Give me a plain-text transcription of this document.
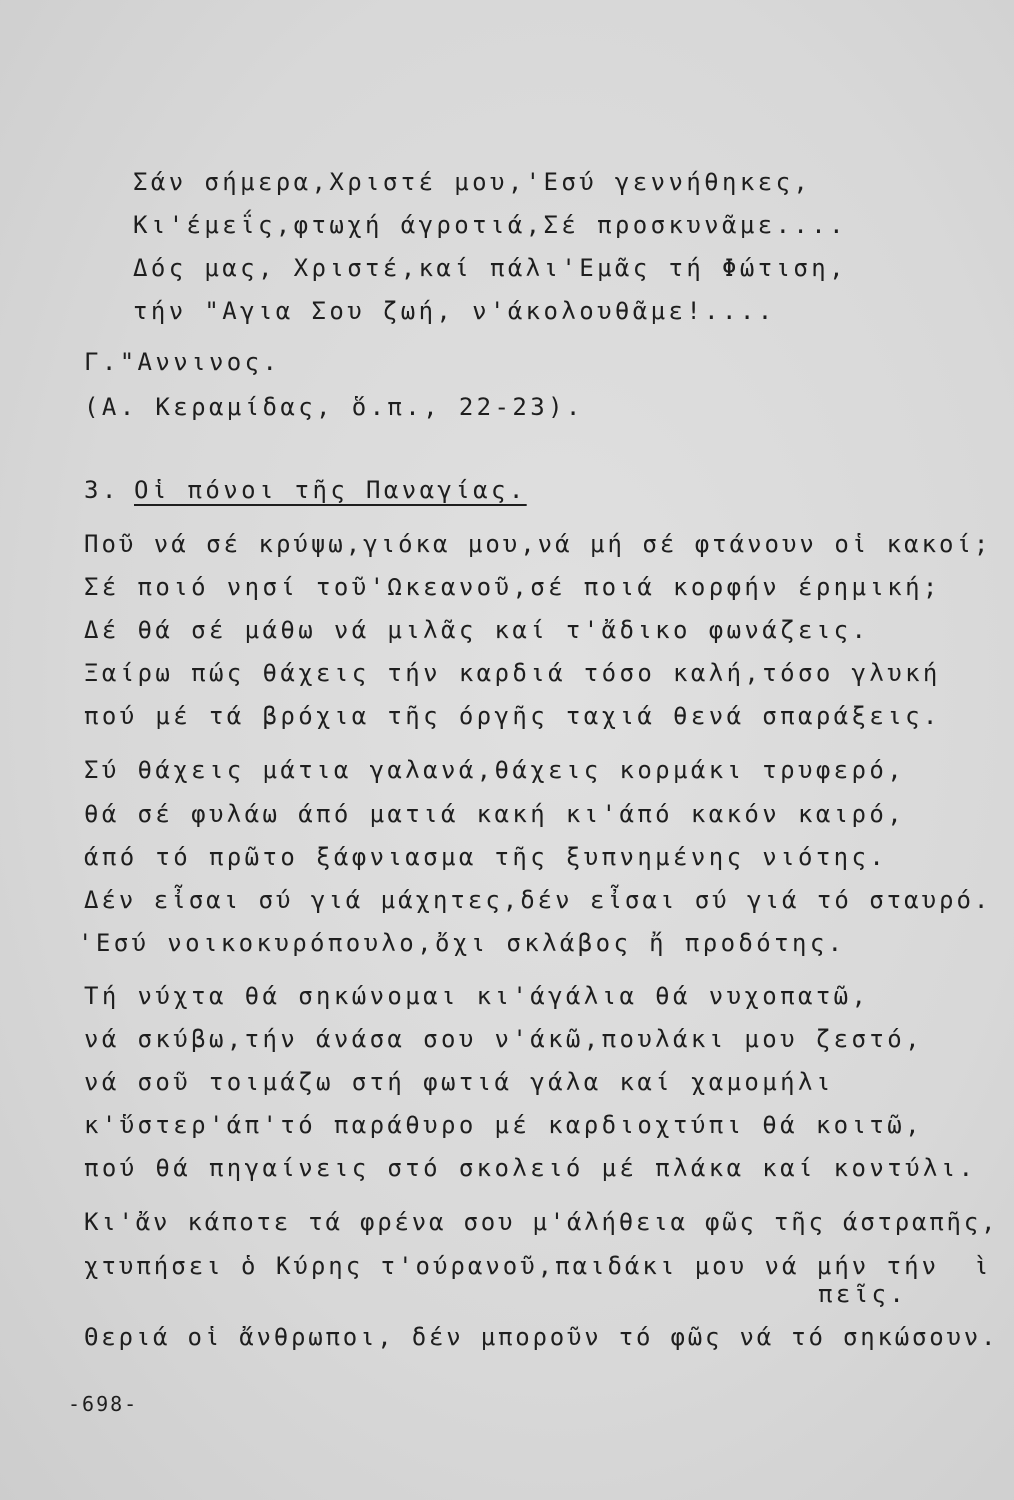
Σάν σήμερα,Χριστέ μου,'Εσύ γεννήθηκες,
Κι'έμεΐς,φτωχή άγροτιά,Σέ προσκυνᾶμε....
Δός μας, Χριστέ,καί πάλι'Εμᾶς τή Φώτιση,
τήν "Αγια Σου ζωή, ν'άκολουθᾶμε!....
Γ."Αννινος.
(Α. Κεραμίδας, ὅ.π., 22-23).
3. Οἱ πόνοι τῆς Παναγίας.
Ποῦ νά σέ κρύψω,γιόκα μου,νά μή σέ φτάνουν οἱ κακοί;
Σέ ποιό νησί τοῦ'Ωκεανοῦ,σέ ποιά κορφήν έρημική;
Δέ θά σέ μάθω νά μιλᾶς καί τ'ἄδικο φωνάζεις.
Ξαίρω πώς θάχεις τήν καρδιά τόσο καλή,τόσο γλυκή
πού μέ τά βρόχια τῆς όργῆς ταχιά θενά σπαράξεις.
Σύ θάχεις μάτια γαλανά,θάχεις κορμάκι τρυφερό,
θά σέ φυλάω άπό ματιά κακή κι'άπό κακόν καιρό,
άπό τό πρῶτο ξάφνιασμα τῆς ξυπνημένης νιότης.
Δέν εἶσαι σύ γιά μάχητες,δέν εἶσαι σύ γιά τό σταυρό.
'Εσύ νοικοκυρόπουλο,ὄχι σκλάβος ἤ προδότης.
Τή νύχτα θά σηκώνομαι κι'άγάλια θά νυχοπατῶ,
νά σκύβω,τήν άνάσα σου ν'άκῶ,πουλάκι μου ζεστό,
νά σοῦ τοιμάζω στή φωτιά γάλα καί χαμομήλι
κ'ὕστερ'άπ'τό παράθυρο μέ καρδιοχτύπι θά κοιτῶ,
πού θά πηγαίνεις στό σκολειό μέ πλάκα καί κοντύλι.
Κι'ἄν κάποτε τά φρένα σου μ'άλήθεια φῶς τῆς άστραπῆς,
χτυπήσει ὁ Κύρης τ'ούρανοῦ,παιδάκι μου νά μήν τήν  ὶ
πεῖς.
Θεριά οἱ ἄνθρωποι, δέν μποροῦν τό φῶς νά τό σηκώσουν.
-698-
